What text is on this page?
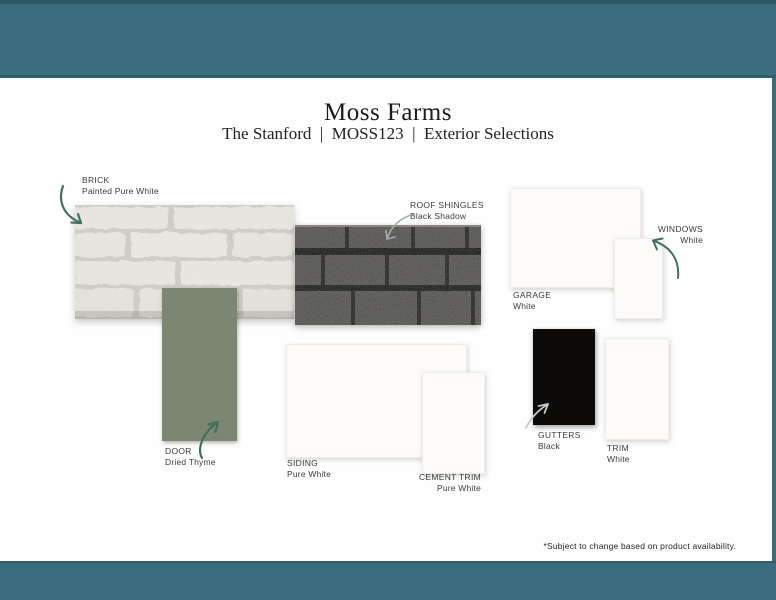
Moss Farms
The Stanford  |  MOSS123  |  Exterior Selections
BRICK
Painted Pure White
ROOF SHINGLES
Black Shadow
GARAGE
White
WINDOWS
White
DOOR
Dried Thyme	SIDING
Pure White	CEMENT TRIM
Pure White
GUTTERS
Black	TRIM
White
*Subject to change based on product availability.
